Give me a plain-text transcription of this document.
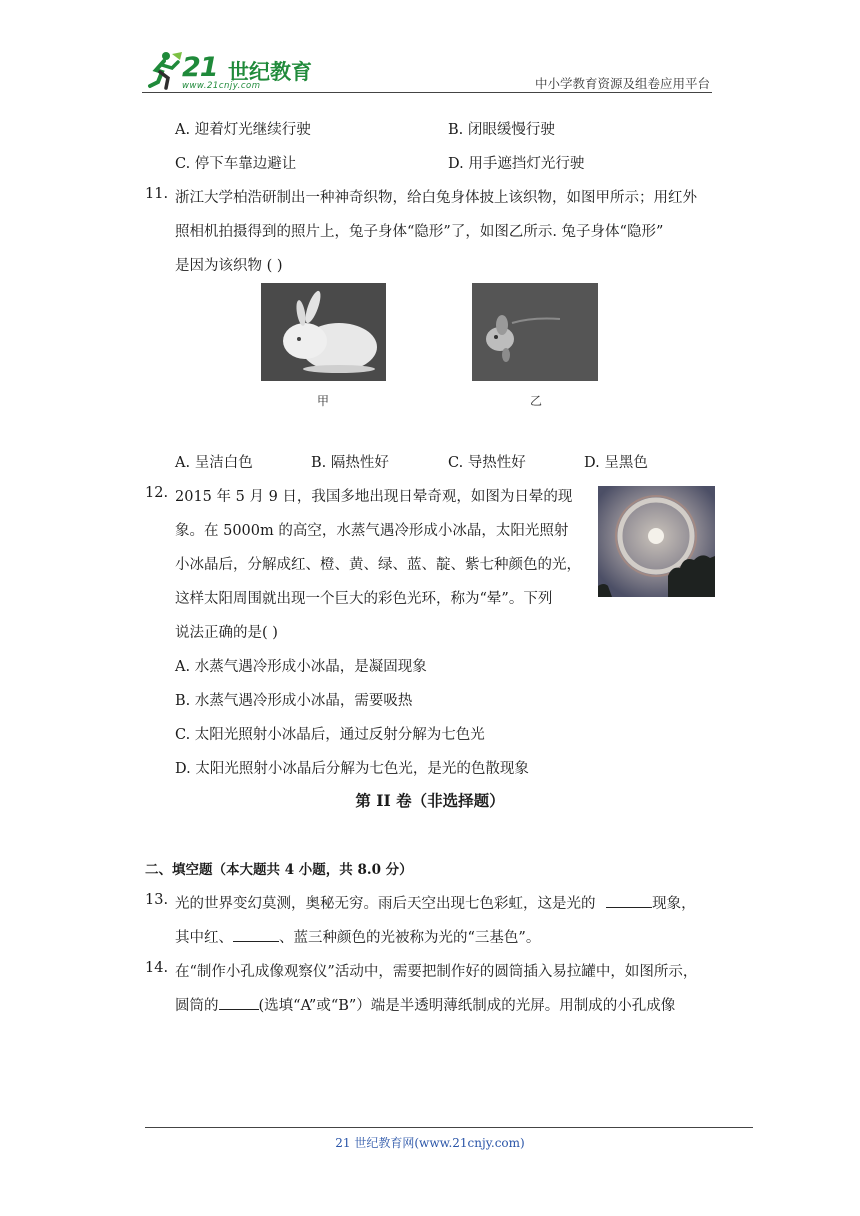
21 世纪教育
www.21cnjy.com	中小学教育资源及组卷应用平台
A. 迎着灯光继续行驶	B. 闭眼缓慢行驶
C. 停下车靠边避让	D. 用手遮挡灯光行驶
11. 浙江大学柏浩研制出一种神奇织物，给白兔身体披上该织物，如图甲所示；用红外
照相机拍摄得到的照片上，兔子身体“隐形”了，如图乙所示. 兔子身体“隐形”
是因为该织物 ( )
甲	乙
A. 呈洁白色	B. 隔热性好	C. 导热性好	D. 呈黑色
12. 2015 年 5 月 9 日，我国多地出现日晕奇观，如图为日晕的现
象。在 5000m 的高空，水蒸气遇冷形成小冰晶，太阳光照射
小冰晶后，分解成红、橙、黄、绿、蓝、靛、紫七种颜色的光，
这样太阳周围就出现一个巨大的彩色光环，称为“晕”。下列
说法正确的是( )
A. 水蒸气遇冷形成小冰晶，是凝固现象
B. 水蒸气遇冷形成小冰晶，需要吸热
C. 太阳光照射小冰晶后，通过反射分解为七色光
D. 太阳光照射小冰晶后分解为七色光，是光的色散现象
第 II 卷（非选择题）
二、填空题（本大题共 4 小题，共 8.0 分）
13. 光的世界变幻莫测，奥秘无穷。雨后天空出现七色彩虹，这是光的	现象，
其中红、	、蓝三种颜色的光被称为光的“三基色”。
14. 在“制作小孔成像观察仪”活动中，需要把制作好的圆筒插入易拉罐中，如图所示，
圆筒的	(选填“A”或“B”）端是半透明薄纸制成的光屏。用制成的小孔成像
21 世纪教育网(www.21cnjy.com)
